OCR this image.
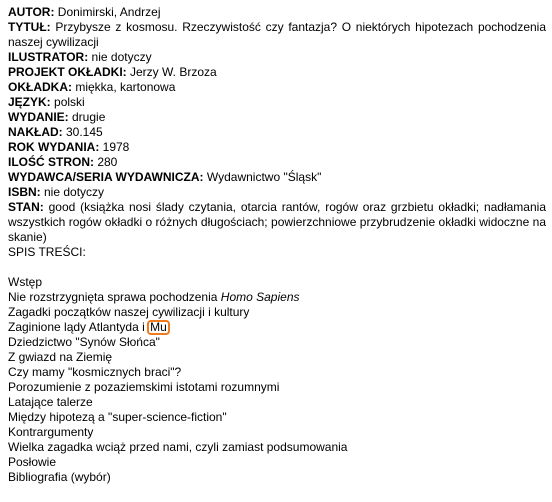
AUTOR: Donimirski, Andrzej
TYTUŁ: Przybysze z kosmosu. Rzeczywistość czy fantazja? O niektórych hipotezach pochodzenia naszej cywilizacji
ILUSTRATOR: nie dotyczy
PROJEKT OKŁADKI: Jerzy W. Brzoza
OKŁADKA: miękka, kartonowa
JĘZYK: polski
WYDANIE: drugie
NAKŁAD: 30.145
ROK WYDANIA: 1978
ILOŚĆ STRON: 280
WYDAWCA/SERIA WYDAWNICZA: Wydawnictwo "Śląsk"
ISBN: nie dotyczy
STAN: good (książka nosi ślady czytania, otarcia rantów, rogów oraz grzbietu okładki; nadłamania wszystkich rogów okładki o różnych długościach; powierzchniowe przybrudzenie okładki widoczne na skanie)
SPIS TREŚCI:
Wstęp
Nie rozstrzygnięta sprawa pochodzenia Homo Sapiens
Zagadki początków naszej cywilizacji i kultury
Zaginione lądy Atlantyda i Mu
Dziedzictwo "Synów Słońca"
Z gwiazd na Ziemię
Czy mamy "kosmicznych braci"?
Porozumienie z pozaziemskimi istotami rozumnymi
Latające talerze
Między hipotezą a "super-science-fiction"
Kontrargumenty
Wielka zagadka wciąż przed nami, czyli zamiast podsumowania
Posłowie
Bibliografia (wybór)
